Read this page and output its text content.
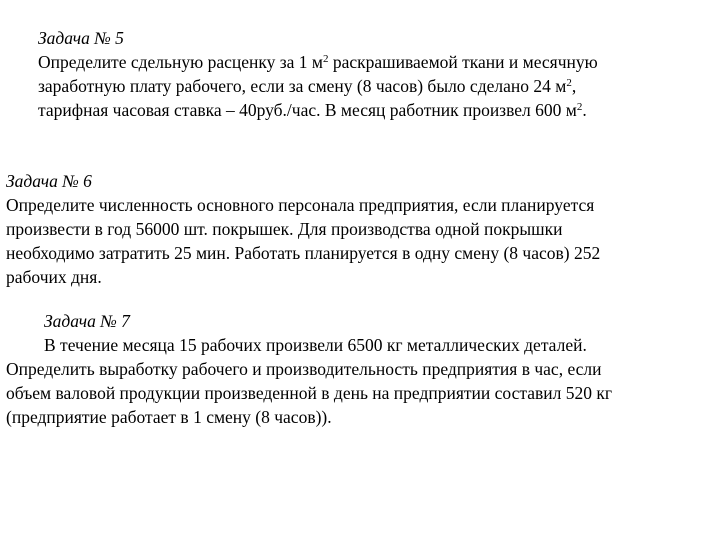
Задача № 5
Определите сдельную расценку за 1 $м^2$ раскрашиваемой ткани и месячную
заработную плату рабочего, если за смену (8 часов) было сделано 24 $м^2$,
тарифная часовая ставка – 40руб./час. В месяц работник произвел 600 $м^2$.
Задача № 6
Определите численность основного персонала предприятия, если планируется
произвести в год 56000 шт. покрышек. Для производства одной покрышки
необходимо затратить 25 мин. Работать планируется в одну смену (8 часов) 252
рабочих дня.
Задача № 7
В течение месяца 15 рабочих произвели 6500 кг металлических деталей.
Определить выработку рабочего и производительность предприятия в час, если
объем валовой продукции произведенной в день на предприятии составил 520 кг
(предприятие работает в 1 смену (8 часов)).
